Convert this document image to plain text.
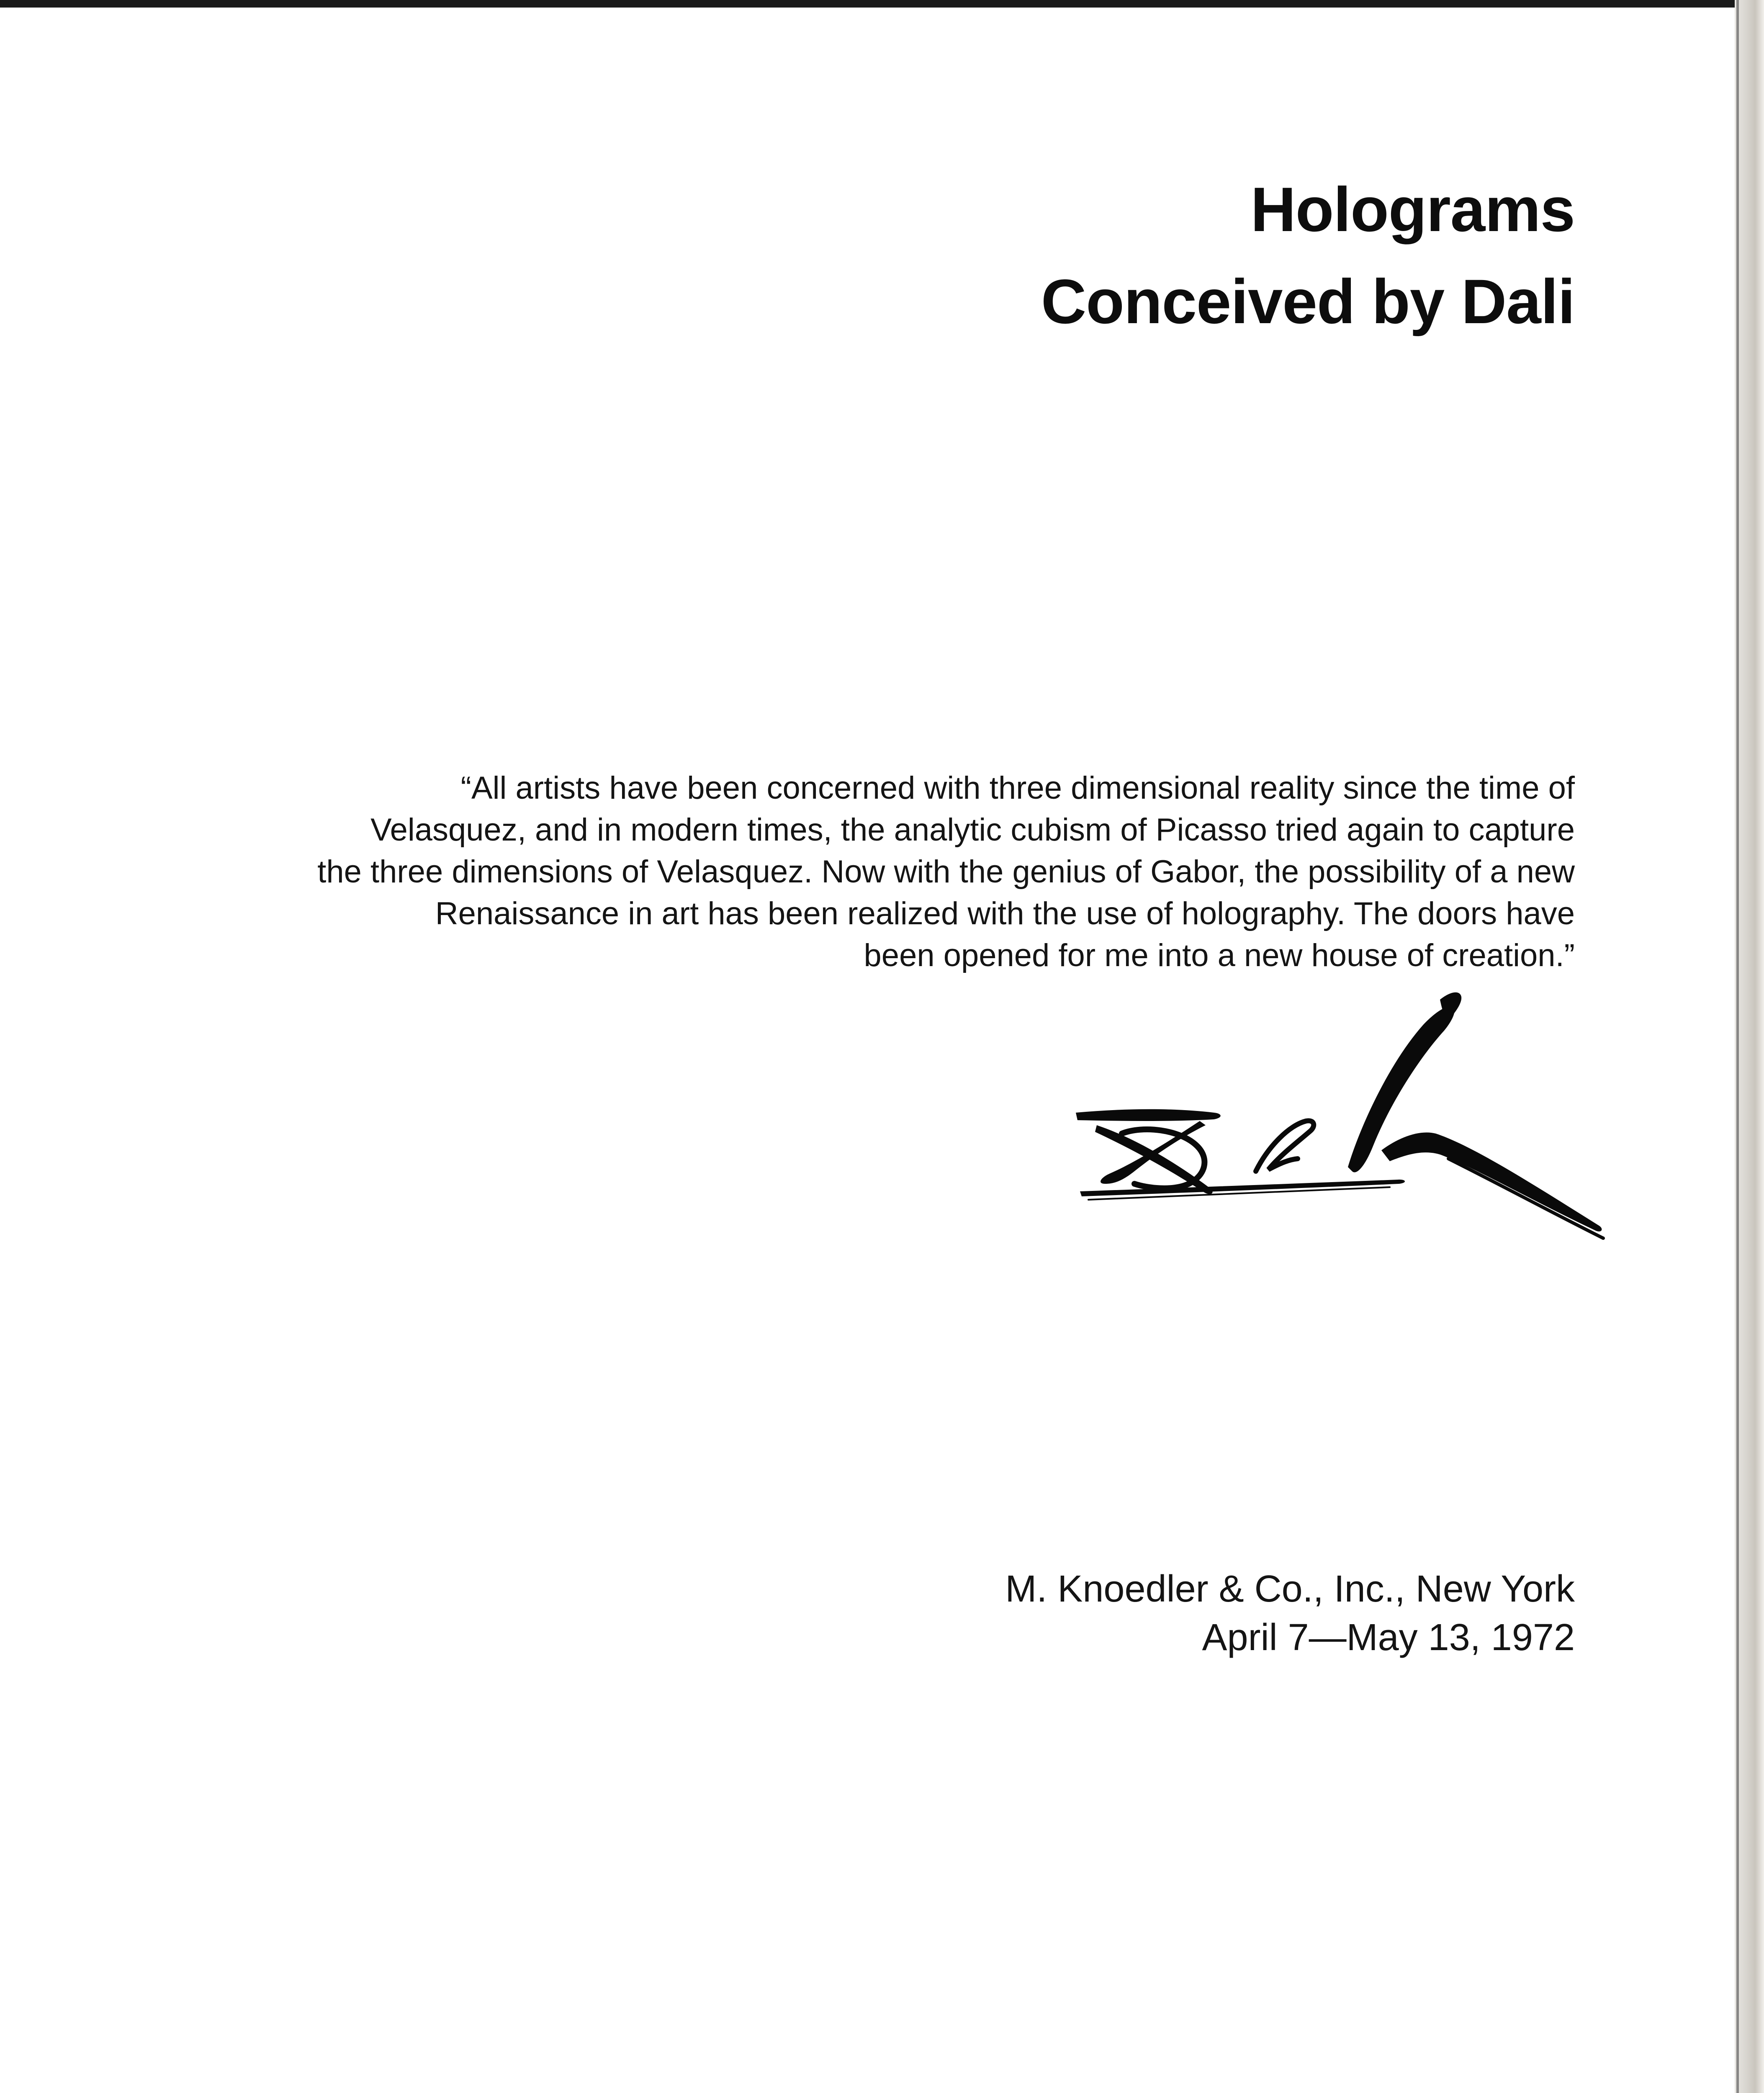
Holograms
Conceived by Dali
“All artists have been concerned with three dimensional reality since the time of
Velasquez, and in modern times, the analytic cubism of Picasso tried again to capture
the three dimensions of Velasquez. Now with the genius of Gabor, the possibility of a new
Renaissance in art has been realized with the use of holography. The doors have
been opened for me into a new house of creation.”
M. Knoedler & Co., Inc., New York
April 7—May 13, 1972
